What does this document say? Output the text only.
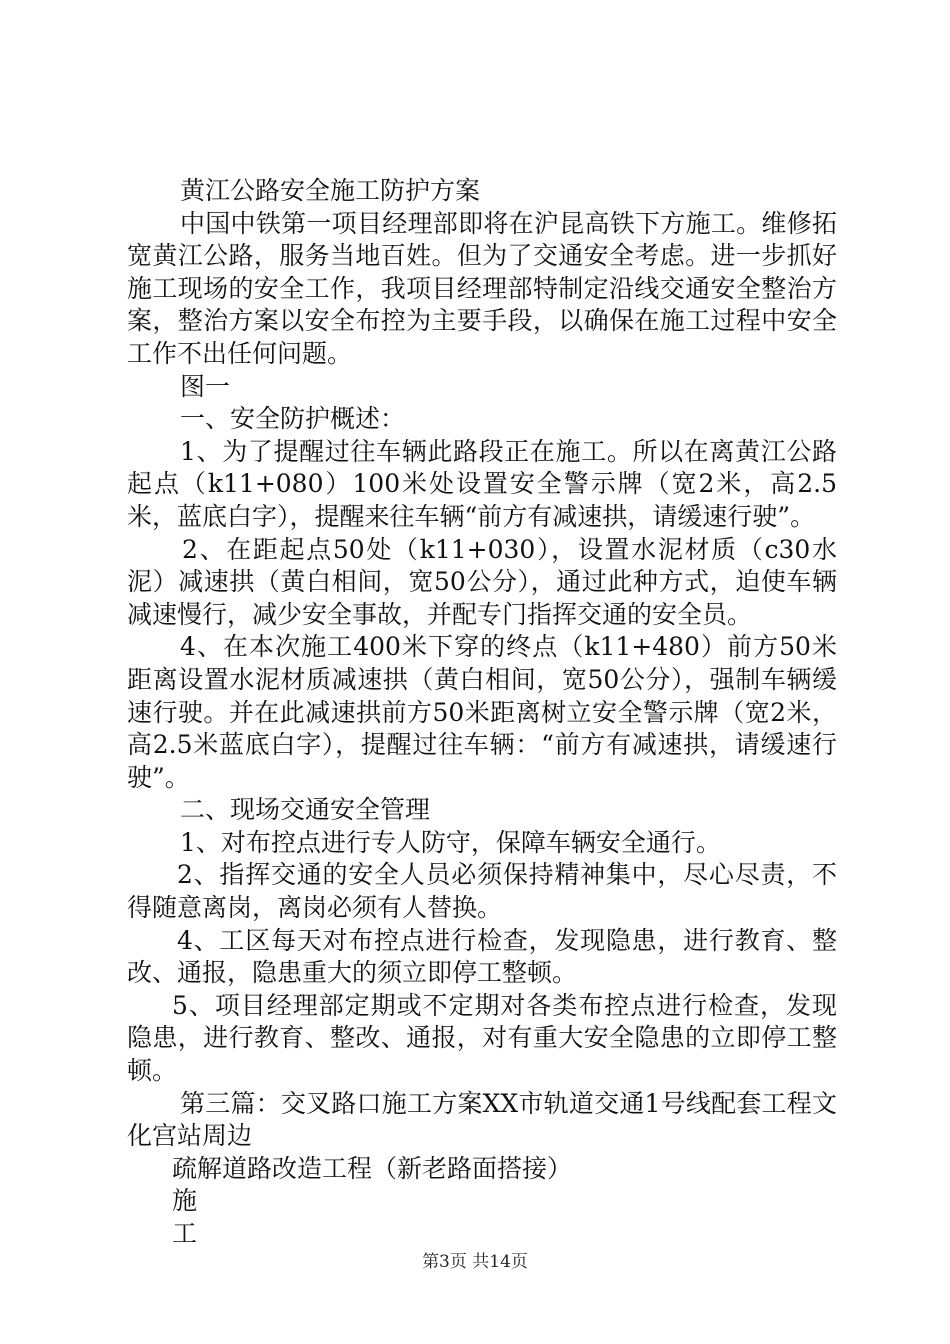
黄江公路安全施工防护方案

中国中铁第一项目经理部即将在沪昆高铁下方施工。维修拓宽黄江公路，服务当地百姓。但为了交通安全考虑。进一步抓好施工现场的安全工作，我项目经理部特制定沿线交通安全整治方案，整治方案以安全布控为主要手段，以确保在施工过程中安全工作不出任何问题。

图一

一、安全防护概述：

1、为了提醒过往车辆此路段正在施工。所以在离黄江公路起点（k11+080）100米处设置安全警示牌（宽2米，高2.5米，蓝底白字），提醒来往车辆“前方有减速拱，请缓速行驶”。

2、在距起点50处（k11+030），设置水泥材质（c30水泥）减速拱（黄白相间，宽50公分），通过此种方式，迫使车辆减速慢行，减少安全事故，并配专门指挥交通的安全员。

4、在本次施工400米下穿的终点（k11+480）前方50米距离设置水泥材质减速拱（黄白相间，宽50公分），强制车辆缓速行驶。并在此减速拱前方50米距离树立安全警示牌（宽2米，高2.5米蓝底白字），提醒过往车辆：“前方有减速拱，请缓速行驶”。

二、现场交通安全管理

1、对布控点进行专人防守，保障车辆安全通行。

2、指挥交通的安全人员必须保持精神集中，尽心尽责，不得随意离岗，离岗必须有人替换。

4、工区每天对布控点进行检查，发现隐患，进行教育、整改、通报，隐患重大的须立即停工整顿。

5、项目经理部定期或不定期对各类布控点进行检查，发现隐患，进行教育、整改、通报，对有重大安全隐患的立即停工整顿。

第三篇：交叉路口施工方案XX市轨道交通1号线配套工程文化宫站周边

疏解道路改造工程（新老路面搭接）

施

工

第3页 共14页
